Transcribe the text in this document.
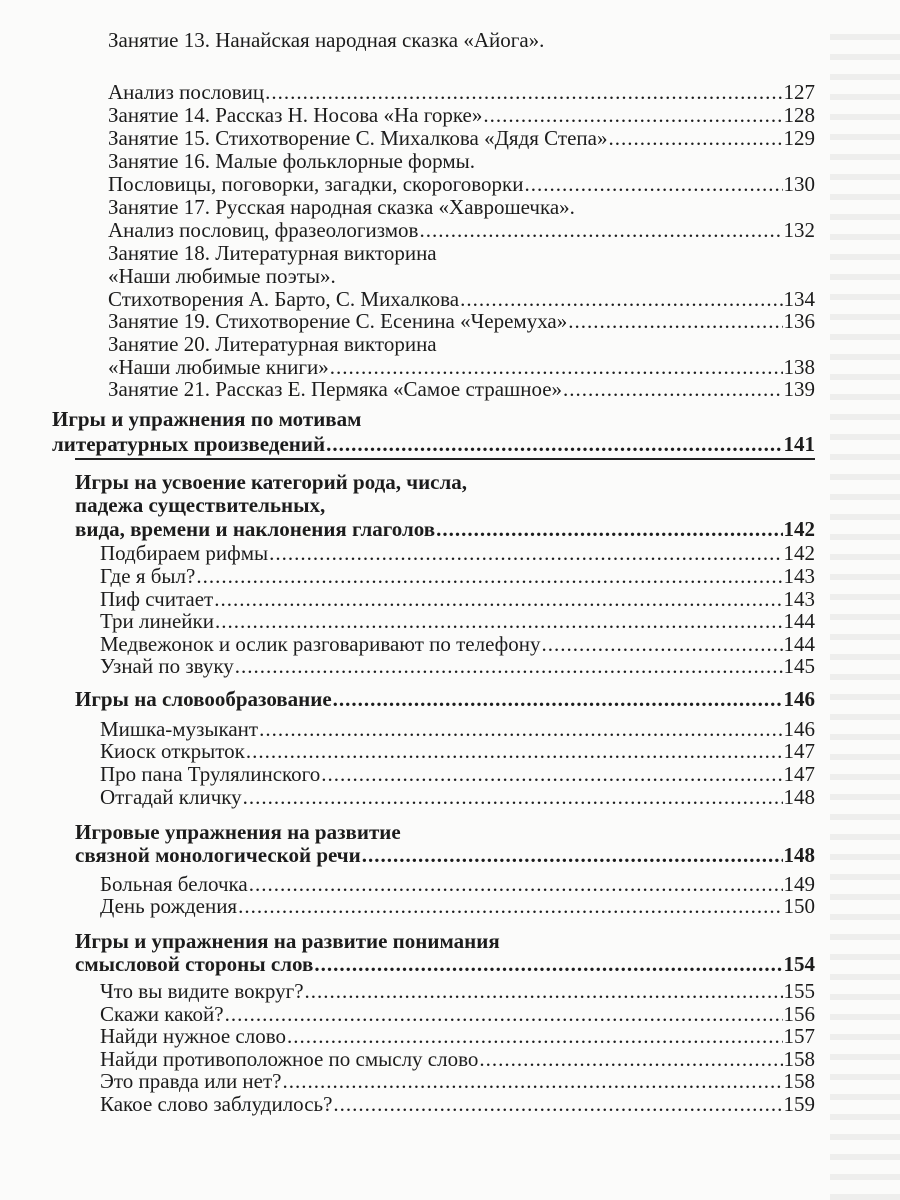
Занятие 13. Нанайская народная сказка «Айога».
Анализ пословиц .....	127
Занятие 14. Рассказ Н. Носова «На горке» .....	128
Занятие 15. Стихотворение С. Михалкова «Дядя Степа» .....	129
Занятие 16. Малые фольклорные формы.
Пословицы, поговорки, загадки, скороговорки .....	130
Занятие 17. Русская народная сказка «Хаврошечка».
Анализ пословиц, фразеологизмов .....	132
Занятие 18. Литературная викторина
«Наши любимые поэты».
Стихотворения А. Барто, С. Михалкова .....	134
Занятие 19. Стихотворение С. Есенина «Черемуха» .....	136
Занятие 20. Литературная викторина
«Наши любимые книги» .....	138
Занятие 21. Рассказ Е. Пермяка «Самое страшное» .....	139
Игры и упражнения по мотивам
литературных произведений .....	141
Игры на усвоение категорий рода, числа,
падежа существительных,
вида, времени и наклонения глаголов .....	142
Подбираем рифмы .....	142
Где я был? .....	143
Пиф считает .....	143
Три линейки .....	144
Медвежонок и ослик разговаривают по телефону .....	144
Узнай по звуку .....	145
Игры на словообразование .....	146
Мишка-музыкант .....	146
Киоск открыток .....	147
Про пана Трулялинского .....	147
Отгадай кличку .....	148
Игровые упражнения на развитие
связной монологической речи .....	148
Больная белочка .....	149
День рождения .....	150
Игры и упражнения на развитие понимания
смысловой стороны слов .....	154
Что вы видите вокруг? .....	155
Скажи какой? .....	156
Найди нужное слово .....	157
Найди противоположное по смыслу слово .....	158
Это правда или нет? .....	158
Какое слово заблудилось? .....	159
